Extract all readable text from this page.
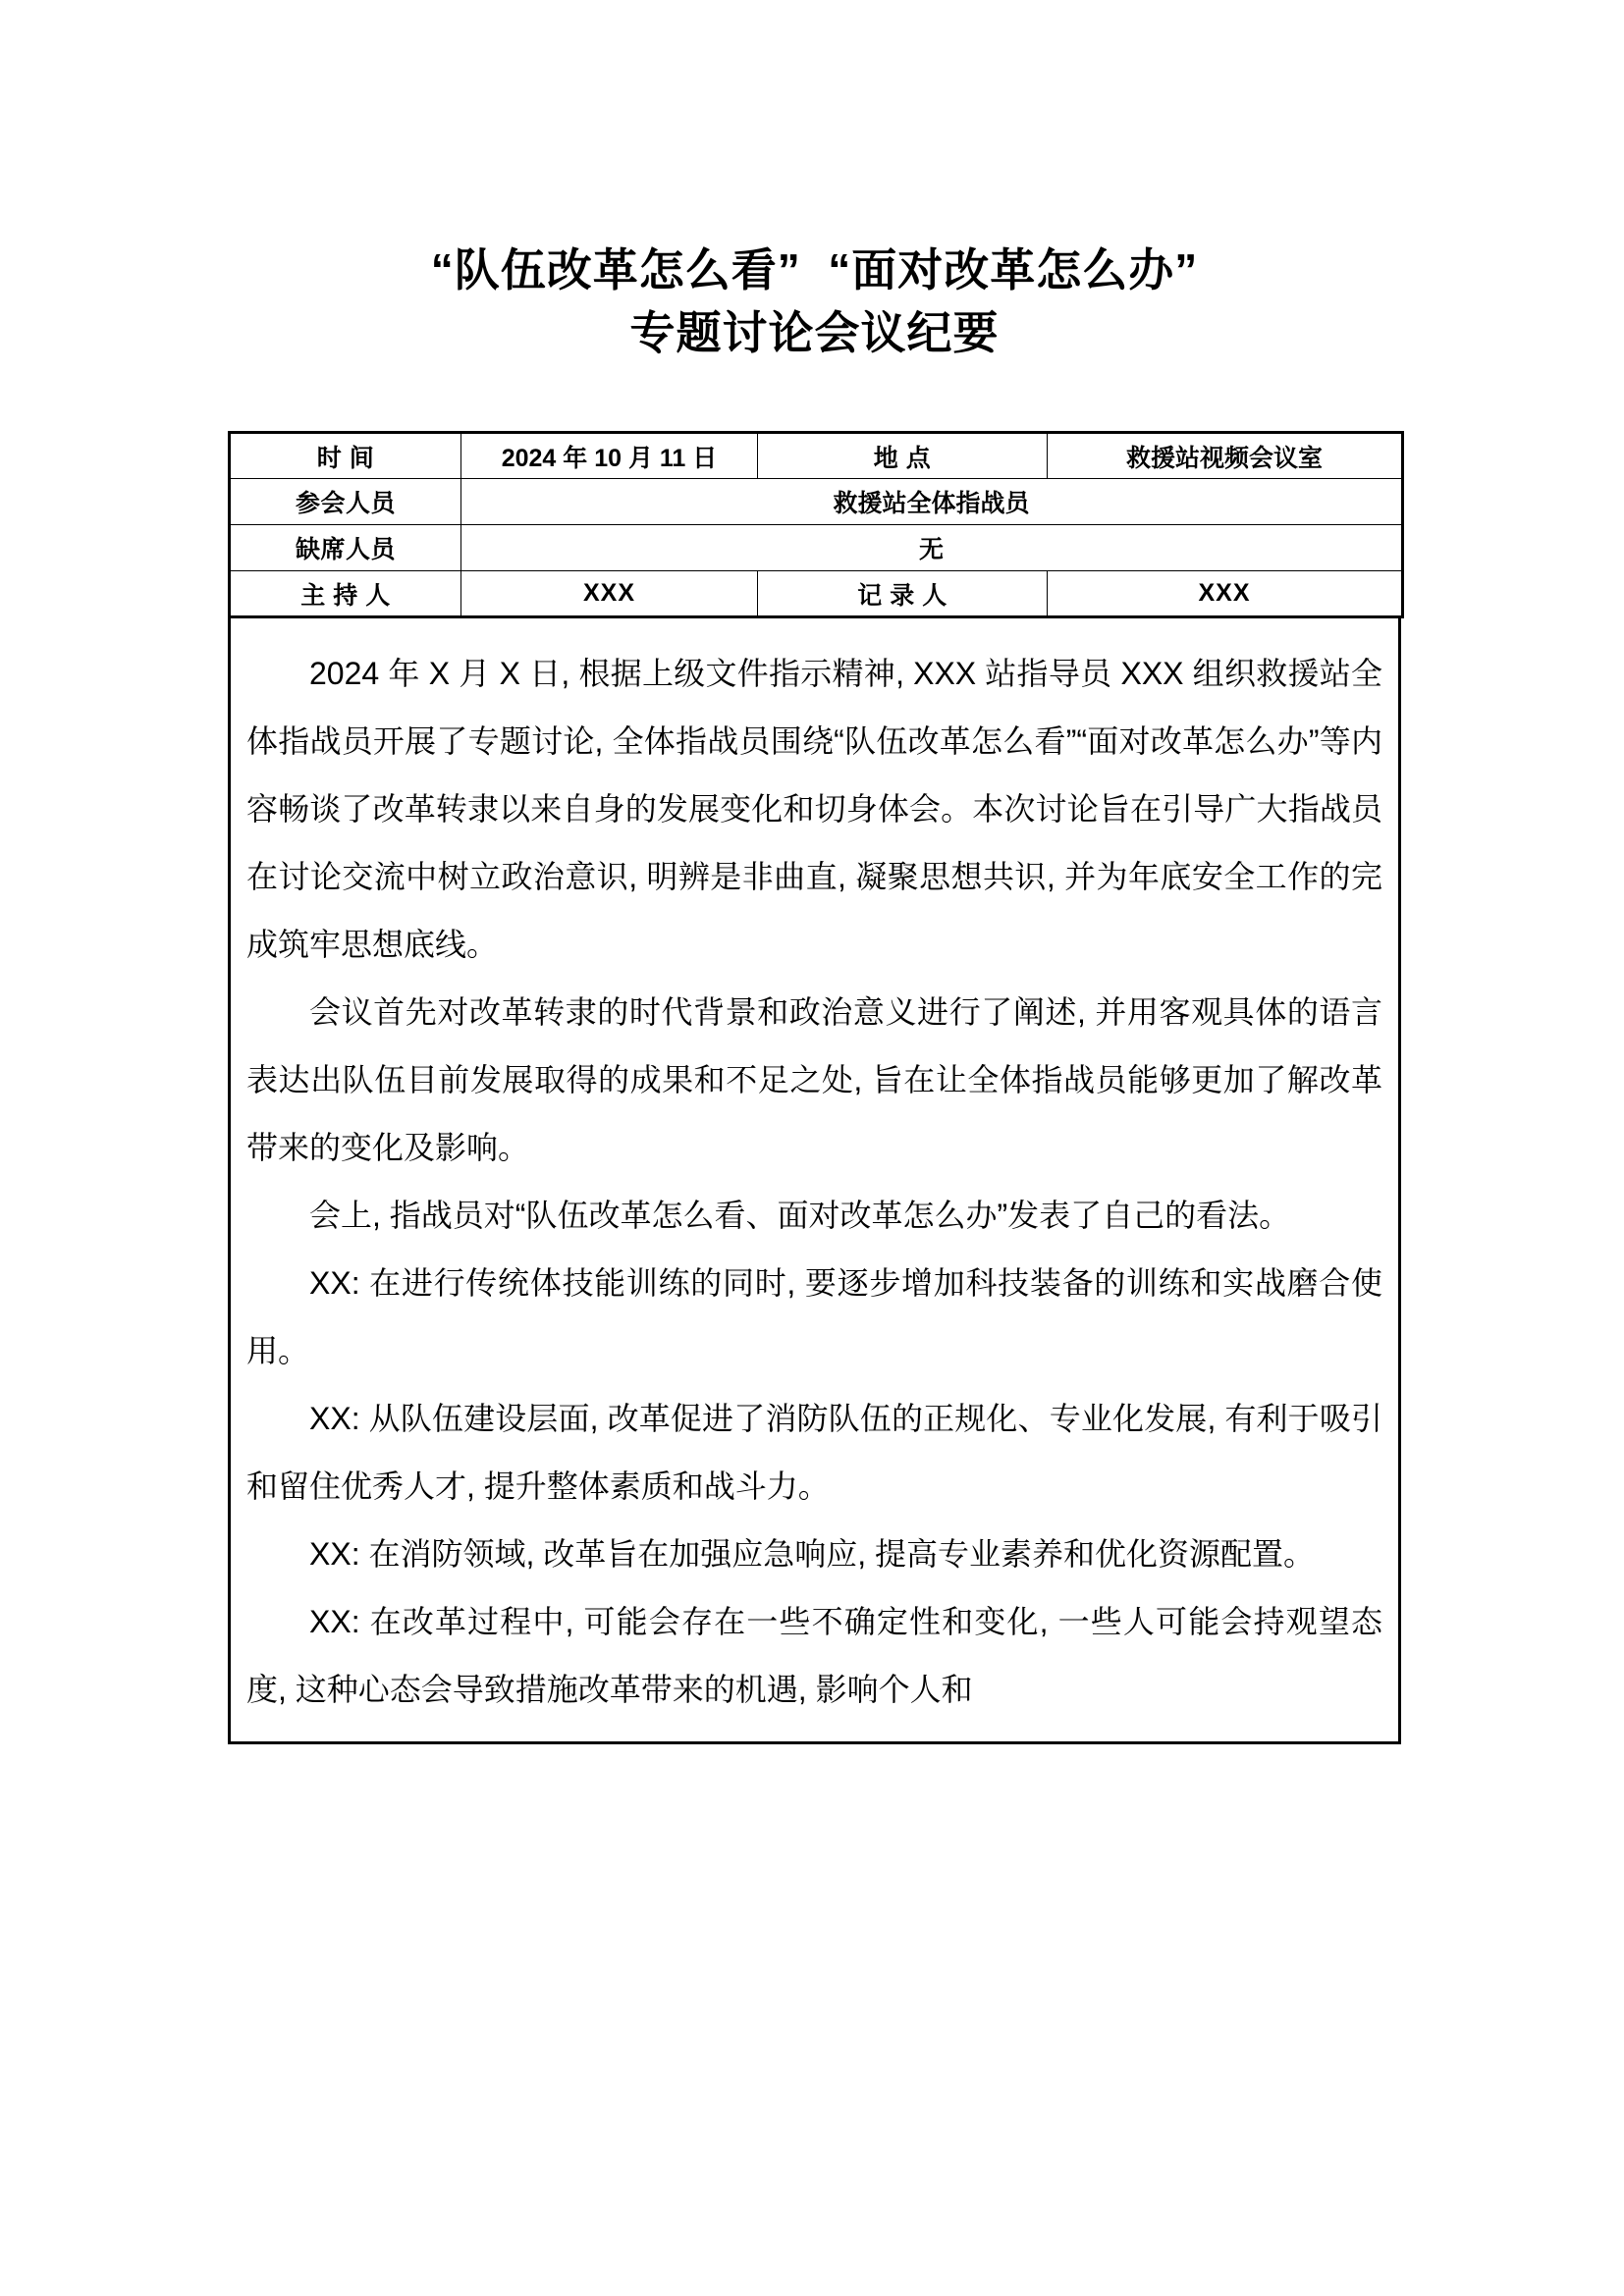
“队伍改革怎么看”  “面对改革怎么办”
专题讨论会议纪要
时 间	2024 年 10 月 11 日	地 点	救援站视频会议室
参会人员	救援站全体指战员		
缺席人员	无		
主 持 人	XXX	记 录 人	XXX

2024 年 X 月 X 日, 根据上级文件指示精神, XXX 站指导员 XXX 组织救援站全体指战员开展了专题讨论, 全体指战员围绕“队伍改革怎么看”“面对改革怎么办”等内容畅谈了改革转隶以来自身的发展变化和切身体会。本次讨论旨在引导广大指战员在讨论交流中树立政治意识, 明辨是非曲直, 凝聚思想共识, 并为年底安全工作的完成筑牢思想底线。

会议首先对改革转隶的时代背景和政治意义进行了阐述, 并用客观具体的语言表达出队伍目前发展取得的成果和不足之处, 旨在让全体指战员能够更加了解改革带来的变化及影响。

会上, 指战员对“队伍改革怎么看、面对改革怎么办”发表了自己的看法。

XX: 在进行传统体技能训练的同时, 要逐步增加科技装备的训练和实战磨合使用。

XX: 从队伍建设层面, 改革促进了消防队伍的正规化、专业化发展, 有利于吸引和留住优秀人才, 提升整体素质和战斗力。

XX: 在消防领域, 改革旨在加强应急响应, 提高专业素养和优化资源配置。

XX: 在改革过程中, 可能会存在一些不确定性和变化, 一些人可能会持观望态度, 这种心态会导致措施改革带来的机遇, 影响个人和
